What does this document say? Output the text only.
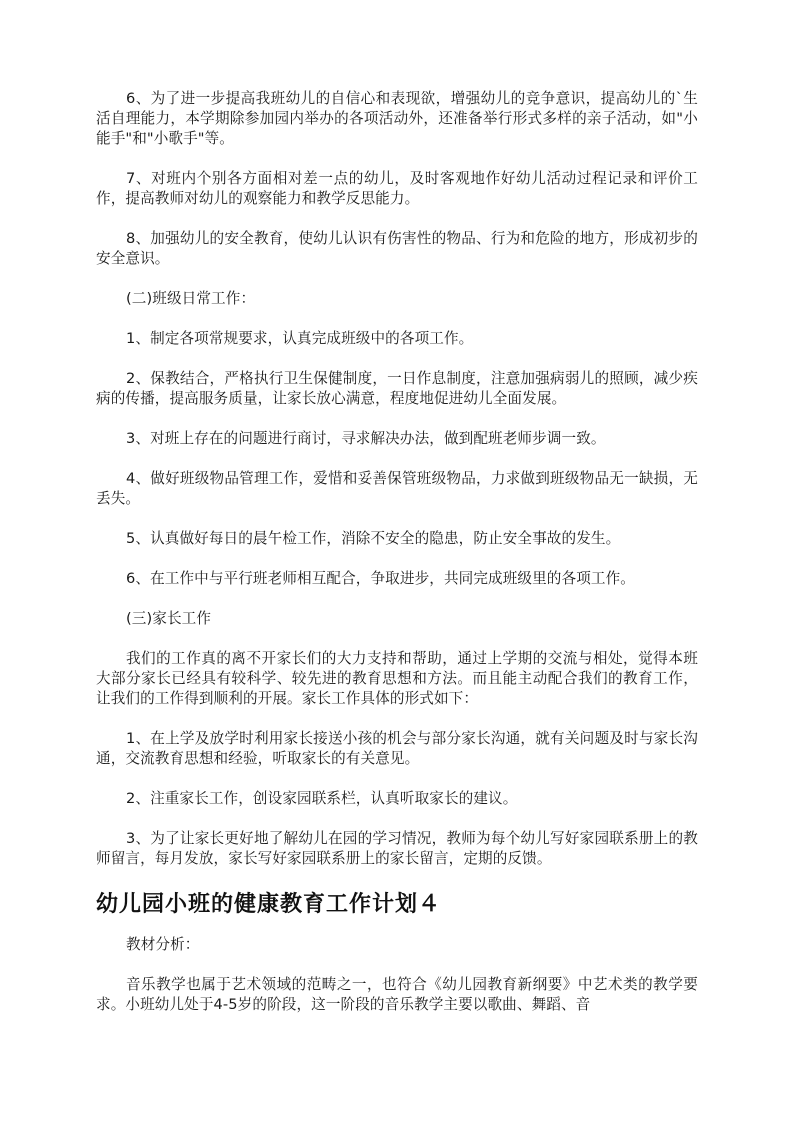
6、为了进一步提高我班幼儿的自信心和表现欲，增强幼儿的竞争意识，提高幼儿的`生活自理能力，本学期除参加园内举办的各项活动外，还准备举行形式多样的亲子活动，如"小能手"和"小歌手"等。

7、对班内个别各方面相对差一点的幼儿，及时客观地作好幼儿活动过程记录和评价工作，提高教师对幼儿的观察能力和教学反思能力。

8、加强幼儿的安全教育，使幼儿认识有伤害性的物品、行为和危险的地方，形成初步的安全意识。

(二)班级日常工作：

1、制定各项常规要求，认真完成班级中的各项工作。

2、保教结合，严格执行卫生保健制度，一日作息制度，注意加强病弱儿的照顾，减少疾病的传播，提高服务质量，让家长放心满意，程度地促进幼儿全面发展。

3、对班上存在的问题进行商讨，寻求解决办法，做到配班老师步调一致。

4、做好班级物品管理工作，爱惜和妥善保管班级物品，力求做到班级物品无一缺损，无丢失。

5、认真做好每日的晨午检工作，消除不安全的隐患，防止安全事故的发生。

6、在工作中与平行班老师相互配合，争取进步，共同完成班级里的各项工作。

(三)家长工作

我们的工作真的离不开家长们的大力支持和帮助，通过上学期的交流与相处，觉得本班大部分家长已经具有较科学、较先进的教育思想和方法。而且能主动配合我们的教育工作，让我们的工作得到顺利的开展。家长工作具体的形式如下：

1、在上学及放学时利用家长接送小孩的机会与部分家长沟通，就有关问题及时与家长沟通，交流教育思想和经验，听取家长的有关意见。

2、注重家长工作，创设家园联系栏，认真听取家长的建议。

3、为了让家长更好地了解幼儿在园的学习情况，教师为每个幼儿写好家园联系册上的教师留言，每月发放，家长写好家园联系册上的家长留言，定期的反馈。

幼儿园小班的健康教育工作计划４

教材分析：

音乐教学也属于艺术领域的范畴之一，也符合《幼儿园教育新纲要》中艺术类的教学要求。小班幼儿处于4-5岁的阶段，这一阶段的音乐教学主要以歌曲、舞蹈、音
